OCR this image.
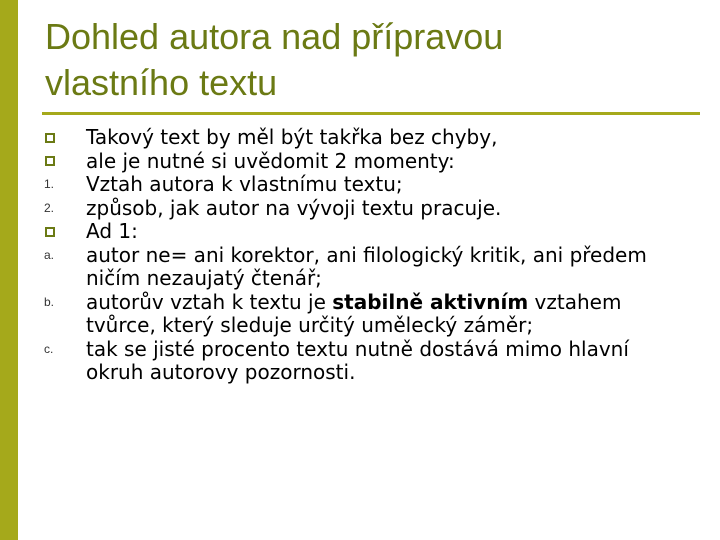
Dohled autora nad přípravou
vlastního textu
Takový text by měl být takřka bez chyby,
ale je nutné si uvědomit 2 momenty:
1.	Vztah autora k vlastnímu textu;
2.	způsob, jak autor na vývoji textu pracuje.
Ad 1:
a.	autor ne= ani korektor, ani filologický kritik, ani předem ničím nezaujatý čtenář;
b.	autorův vztah k textu je stabilně aktivním vztahem tvůrce, který sleduje určitý umělecký záměr;
c.	tak se jisté procento textu nutně dostává mimo hlavní okruh autorovy pozornosti.
